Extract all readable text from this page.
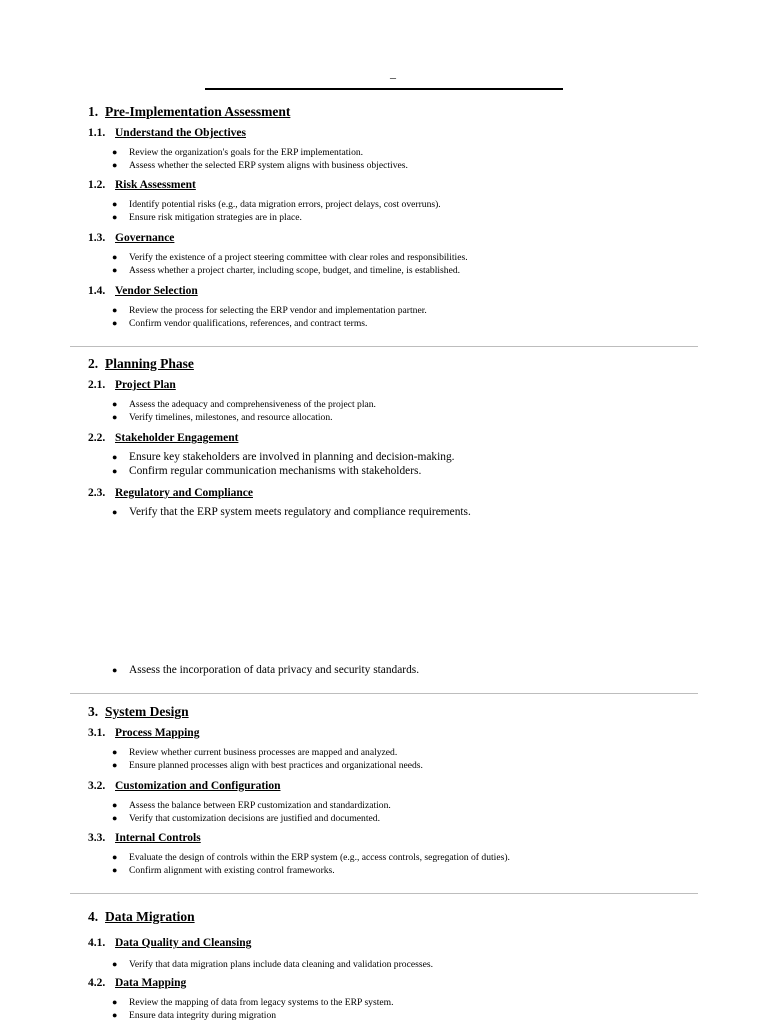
–
1. Pre-Implementation Assessment
1.1. Understand the Objectives
● Review the organization's goals for the ERP implementation.
● Assess whether the selected ERP system aligns with business objectives.
1.2. Risk Assessment
● Identify potential risks (e.g., data migration errors, project delays, cost overruns).
● Ensure risk mitigation strategies are in place.
1.3. Governance
● Verify the existence of a project steering committee with clear roles and responsibilities.
● Assess whether a project charter, including scope, budget, and timeline, is established.
1.4. Vendor Selection
● Review the process for selecting the ERP vendor and implementation partner.
● Confirm vendor qualifications, references, and contract terms.
2. Planning Phase
2.1. Project Plan
● Assess the adequacy and comprehensiveness of the project plan.
● Verify timelines, milestones, and resource allocation.
2.2. Stakeholder Engagement
● Ensure key stakeholders are involved in planning and decision-making.
● Confirm regular communication mechanisms with stakeholders.
2.3. Regulatory and Compliance
● Verify that the ERP system meets regulatory and compliance requirements.
● Assess the incorporation of data privacy and security standards.
3. System Design
3.1. Process Mapping
● Review whether current business processes are mapped and analyzed.
● Ensure planned processes align with best practices and organizational needs.
3.2. Customization and Configuration
● Assess the balance between ERP customization and standardization.
● Verify that customization decisions are justified and documented.
3.3. Internal Controls
● Evaluate the design of controls within the ERP system (e.g., access controls, segregation of duties).
● Confirm alignment with existing control frameworks.
4. Data Migration
4.1. Data Quality and Cleansing
● Verify that data migration plans include data cleaning and validation processes.
4.2. Data Mapping
● Review the mapping of data from legacy systems to the ERP system.
● Ensure data integrity during migration
